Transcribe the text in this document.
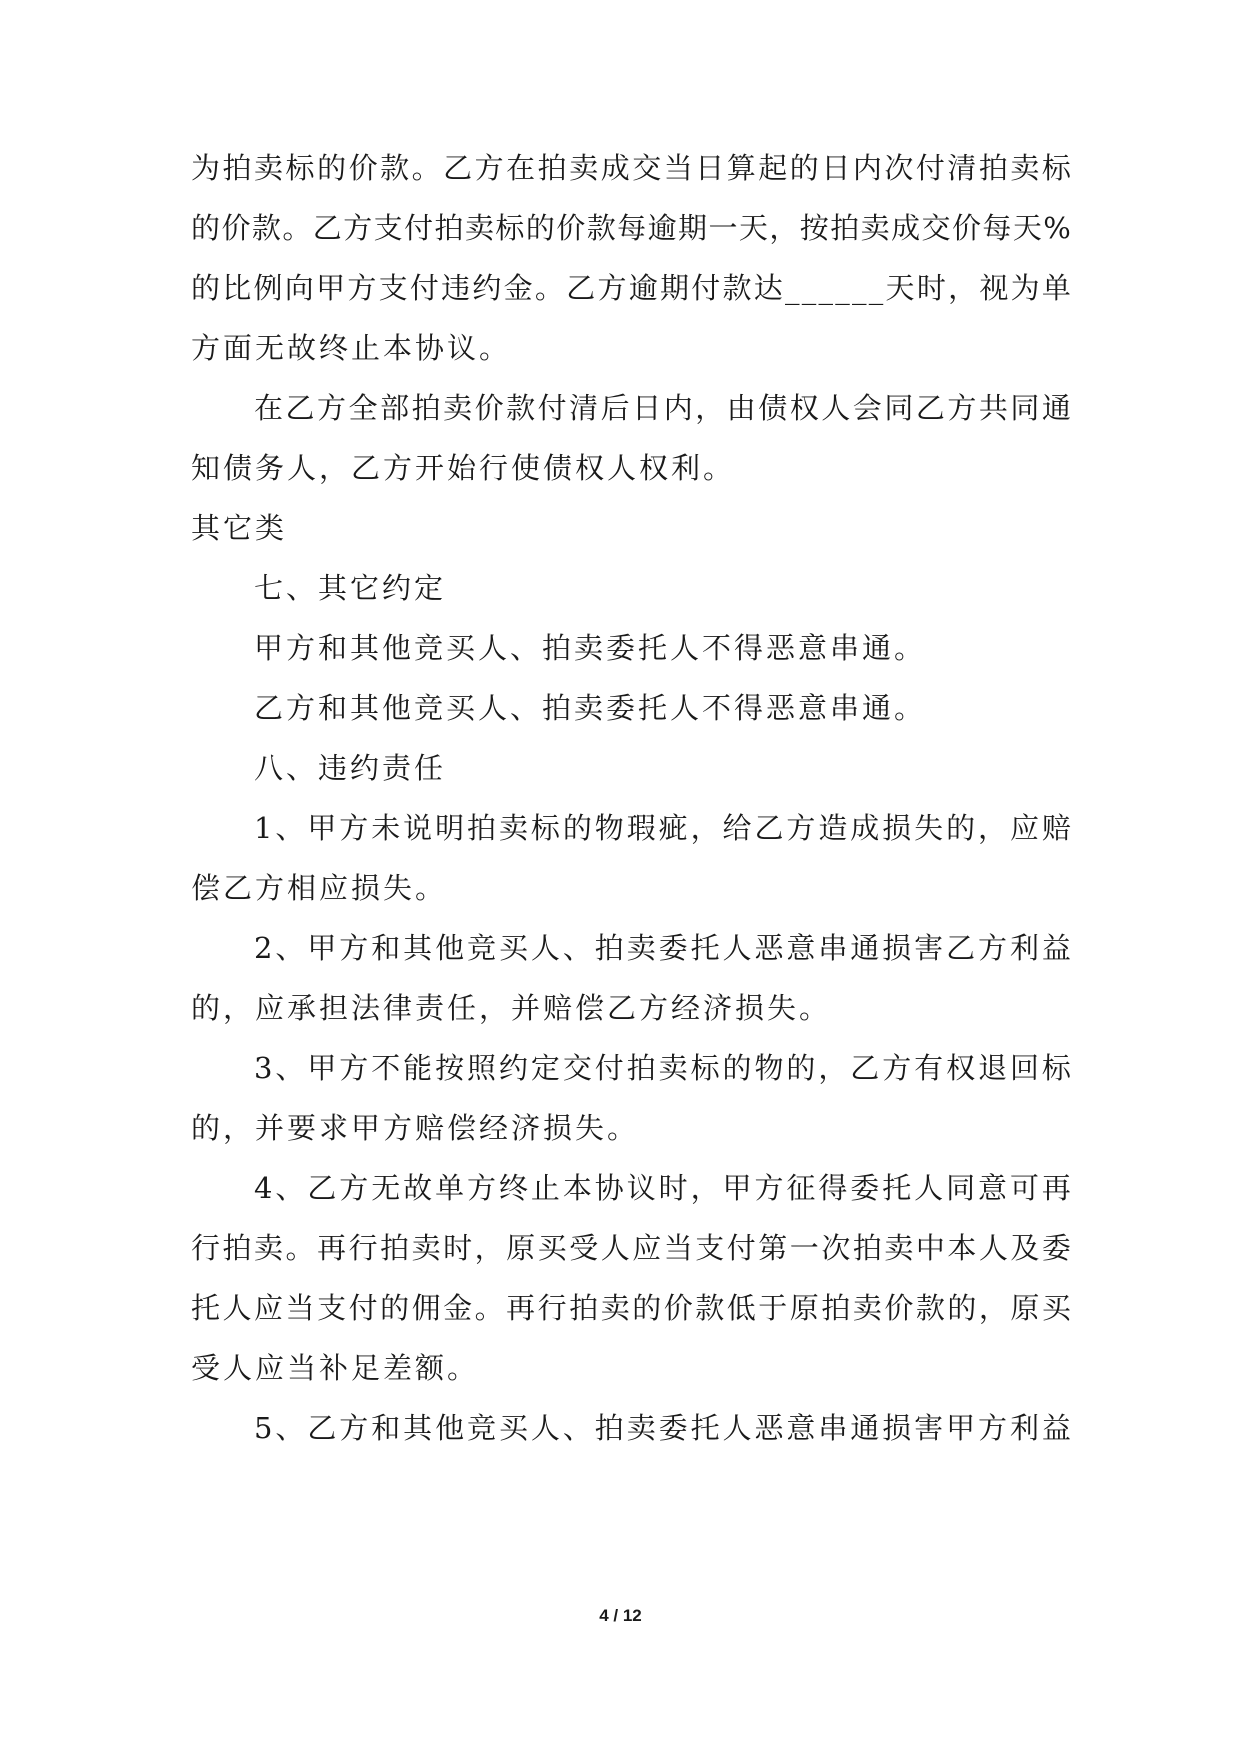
为 拍 卖 标 的 价 款 。 乙 方 在 拍 卖 成 交 当 日 算 起 的 日 内 次 付 清 拍 卖 标
的 价 款 。 乙 方 支 付 拍 卖 标 的 价 款 每 逾 期 一 天 ， 按 拍 卖 成 交 价 每 天 %
的 比 例 向 甲 方 支 付 违 约 金 。 乙 方 逾 期 付 款 达 _ _ _ _ _ _ 天 时 ， 视 为 单
方面无故终止本协议。
在 乙 方 全 部 拍 卖 价 款 付 清 后 日 内 ， 由 债 权 人 会 同 乙 方 共 同 通
知债务人，乙方开始行使债权人权利。
其它类
七、其它约定
甲方和其他竞买人、拍卖委托人不得恶意串通。
乙方和其他竞买人、拍卖委托人不得恶意串通。
八、违约责任
1 、 甲 方 未 说 明 拍 卖 标 的 物 瑕 疵 ， 给 乙 方 造 成 损 失 的 ， 应 赔
偿乙方相应损失。
2 、 甲 方 和 其 他 竞 买 人 、 拍 卖 委 托 人 恶 意 串 通 损 害 乙 方 利 益
的，应承担法律责任，并赔偿乙方经济损失。
3 、 甲 方 不 能 按 照 约 定 交 付 拍 卖 标 的 物 的 ， 乙 方 有 权 退 回 标
的，并要求甲方赔偿经济损失。
4 、 乙 方 无 故 单 方 终 止 本 协 议 时 ， 甲 方 征 得 委 托 人 同 意 可 再
行 拍 卖 。 再 行 拍 卖 时 ， 原 买 受 人 应 当 支 付 第 一 次 拍 卖 中 本 人 及 委
托 人 应 当 支 付 的 佣 金 。 再 行 拍 卖 的 价 款 低 于 原 拍 卖 价 款 的 ， 原 买
受人应当补足差额。
5 、 乙 方 和 其 他 竞 买 人 、 拍 卖 委 托 人 恶 意 串 通 损 害 甲 方 利 益
4 / 12
